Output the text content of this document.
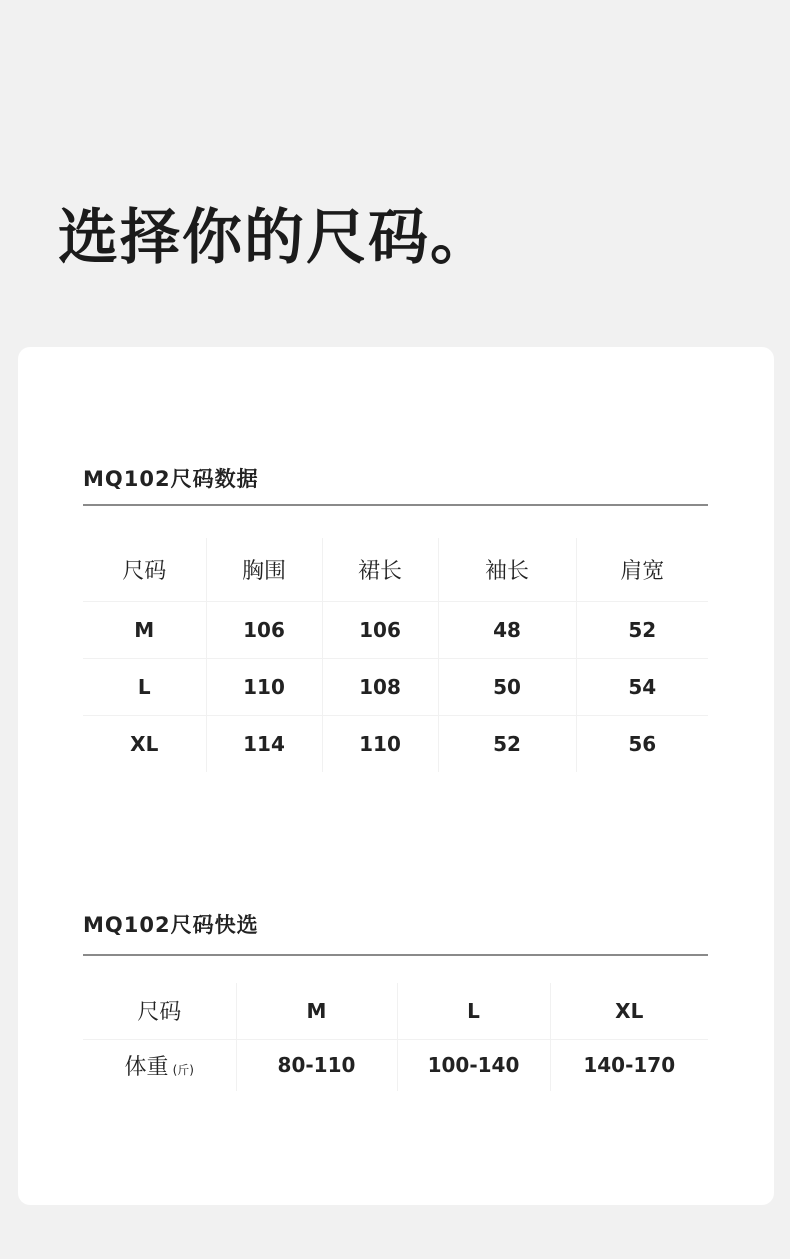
选择你的尺码。
MQ102尺码数据
尺码	胸围	裙长	袖长	肩宽
M	106	106	48	52
L	110	108	50	54
XL	114	110	52	56
MQ102尺码快选
尺码	M	L	XL
体重 (斤)	80-110	100-140	140-170
